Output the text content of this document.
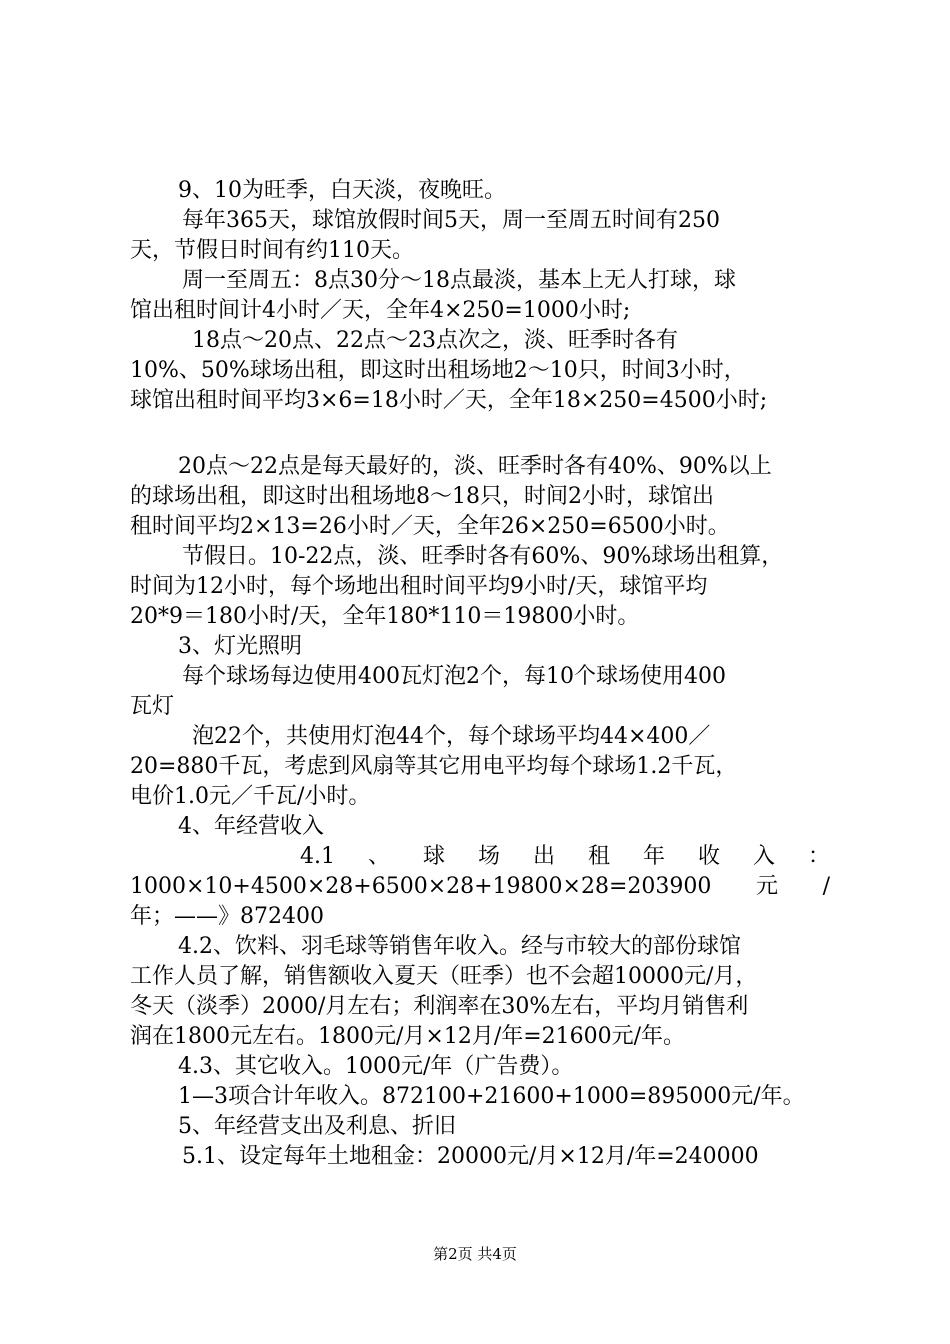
9、10为旺季，白天淡，夜晚旺。
每年365天，球馆放假时间5天，周一至周五时间有250
天，节假日时间有约110天。
周一至周五：8点30分～18点最淡，基本上无人打球，球
馆出租时间计4小时／天，全年4×250=1000小时;
18点～20点、22点～23点次之，淡、旺季时各有
10%、50%球场出租，即这时出租场地2～10只，时间3小时，
球馆出租时间平均3×6=18小时／天，全年18×250=4500小时;
20点～22点是每天最好的，淡、旺季时各有40%、90%以上
的球场出租，即这时出租场地8～18只，时间2小时，球馆出
租时间平均2×13=26小时／天，全年26×250=6500小时。
节假日。10-22点，淡、旺季时各有60%、90%球场出租算，
时间为12小时，每个场地出租时间平均9小时/天，球馆平均
20*9＝180小时/天，全年180*110＝19800小时。
3、灯光照明
每个球场每边使用400瓦灯泡2个，每10个球场使用400
瓦灯
泡22个，共使用灯泡44个，每个球场平均44×400／
20=880千瓦，考虑到风扇等其它用电平均每个球场1.2千瓦，
电价1.0元／千瓦/小时。
4、年经营收入
4.1 、 球 场 出 租 年 收 入 ：
1000×10+4500×28+6500×28+19800×28=203900 元 /
年；——》872400
4.2、饮料、羽毛球等销售年收入。经与市较大的部份球馆
工作人员了解，销售额收入夏天（旺季）也不会超10000元/月，
冬天（淡季）2000/月左右；利润率在30%左右，平均月销售利
润在1800元左右。1800元/月×12月/年=21600元/年。
4.3、其它收入。1000元/年（广告费）。
1—3项合计年收入。872100+21600+1000=895000元/年。
5、年经营支出及利息、折旧
5.1、设定每年土地租金：20000元/月×12月/年=240000
第2页 共4页
